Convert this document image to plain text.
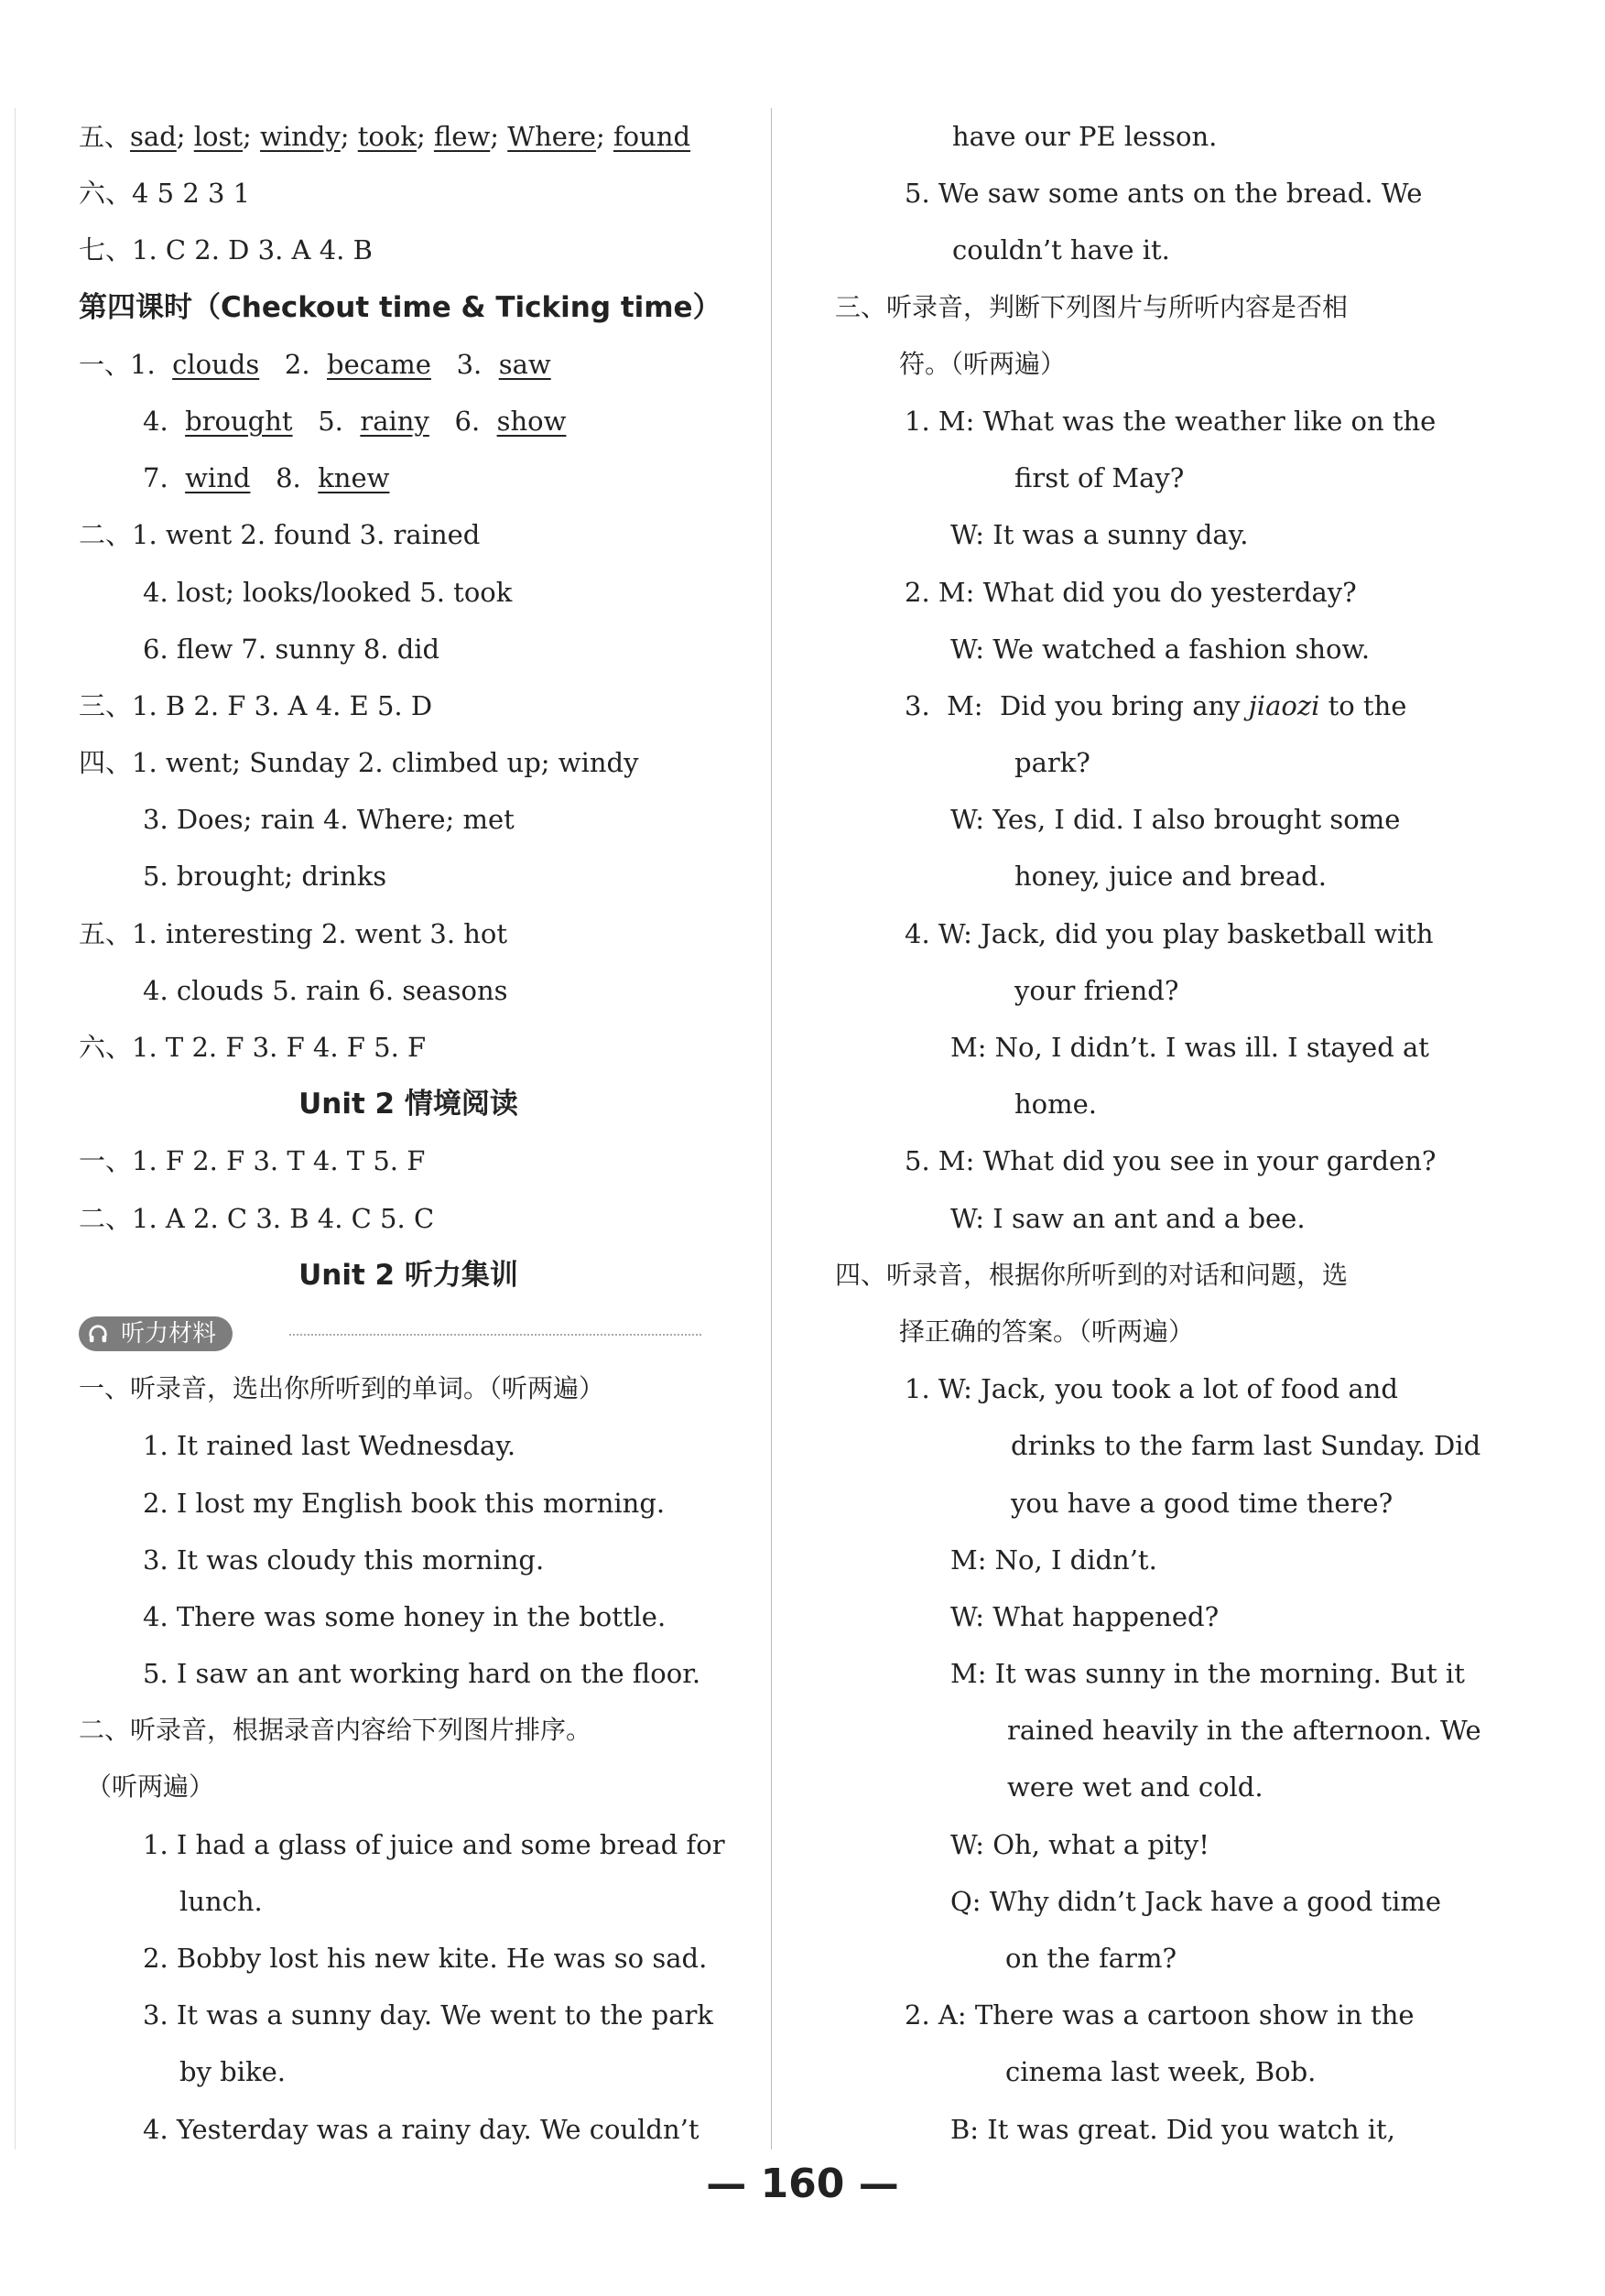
五、sad; lost; windy; took; flew; Where; found
六、4 5 2 3 1
七、1. C 2. D 3. A 4. B
第四课时（Checkout time & Ticking time）
一、1.  clouds   2.  became   3.  saw
4.  brought   5.  rainy   6.  show
7.  wind   8.  knew
二、1. went 2. found 3. rained
4. lost; looks/looked 5. took
6. flew 7. sunny 8. did
三、1. B 2. F 3. A 4. E 5. D
四、1. went; Sunday 2. climbed up; windy
3. Does; rain 4. Where; met
5. brought; drinks
五、1. interesting 2. went 3. hot
4. clouds 5. rain 6. seasons
六、1. T 2. F 3. F 4. F 5. F
Unit 2 情境阅读
一、1. F 2. F 3. T 4. T 5. F
二、1. A 2. C 3. B 4. C 5. C
Unit 2 听力集训
听力材料
一、听录音，选出你所听到的单词。（听两遍）
1. It rained last Wednesday.
2. I lost my English book this morning.
3. It was cloudy this morning.
4. There was some honey in the bottle.
5. I saw an ant working hard on the floor.
二、听录音，根据录音内容给下列图片排序。
（听两遍）
1. I had a glass of juice and some bread for
lunch.
2. Bobby lost his new kite. He was so sad.
3. It was a sunny day. We went to the park
by bike.
4. Yesterday was a rainy day. We couldn’t
have our PE lesson.
5. We saw some ants on the bread. We
couldn’t have it.
三、听录音，判断下列图片与所听内容是否相
符。（听两遍）
1. M: What was the weather like on the
first of May?
W: It was a sunny day.
2. M: What did you do yesterday?
W: We watched a fashion show.
3.  M:  Did you bring any jiaozi to the
park?
W: Yes, I did. I also brought some
honey, juice and bread.
4. W: Jack, did you play basketball with
your friend?
M: No, I didn’t. I was ill. I stayed at
home.
5. M: What did you see in your garden?
W: I saw an ant and a bee.
四、听录音，根据你所听到的对话和问题，选
择正确的答案。（听两遍）
1. W: Jack, you took a lot of food and
drinks to the farm last Sunday. Did
you have a good time there?
M: No, I didn’t.
W: What happened?
M: It was sunny in the morning. But it
rained heavily in the afternoon. We
were wet and cold.
W: Oh, what a pity!
Q: Why didn’t Jack have a good time
on the farm?
2. A: There was a cartoon show in the
cinema last week, Bob.
B: It was great. Did you watch it,
— 160 —
